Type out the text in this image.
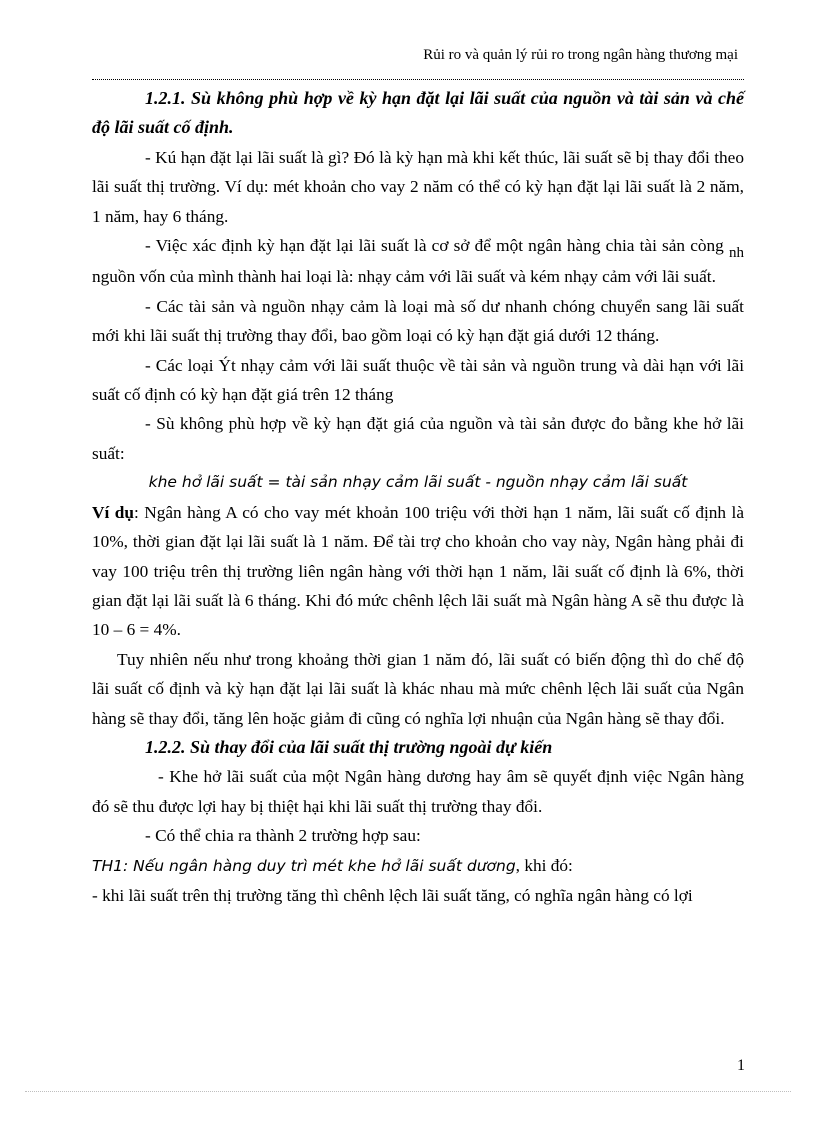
Rủi ro và quản lý rủi ro trong ngân hàng thương mại

1.2.1. Sù không phù hợp về kỳ hạn đặt lại lãi suất của nguồn và tài sản và chế độ lãi suất cố định.

- Kú hạn đặt lại lãi suất là gì? Đó là kỳ hạn mà khi kết thúc, lãi suất sẽ bị thay đổi theo lãi suất thị trường. Ví dụ: mét khoản cho vay 2 năm có thể có kỳ hạn đặt lại lãi suất là 2 năm, 1 năm, hay 6 tháng.

- Việc xác định kỳ hạn đặt lại lãi suất là cơ sở để một ngân hàng chia tài sản còng nh nguồn vốn của mình thành hai loại là: nhạy cảm với lãi suất và kém nhạy cảm với lãi suất.

- Các tài sản và nguồn nhạy cảm là loại mà số dư nhanh chóng chuyển sang lãi suất mới khi lãi suất thị trường thay đổi, bao gồm loại có kỳ hạn đặt giá dưới 12 tháng.

- Các loại Ýt nhạy cảm với lãi suất thuộc về tài sản và nguồn trung và dài hạn với lãi suất cố định có kỳ hạn đặt giá trên 12 tháng

- Sù không phù hợp về kỳ hạn đặt giá của nguồn và tài sản được đo bằng khe hở lãi suất:

khe hở lãi suất = tài sản nhạy cảm lãi suất - nguồn nhạy cảm lãi suất

Ví dụ: Ngân hàng A có cho vay mét khoản 100 triệu với thời hạn 1 năm, lãi suất cố định là 10%, thời gian đặt lại lãi suất là 1 năm. Để tài trợ cho khoản cho vay này, Ngân hàng phải đi vay 100 triệu trên thị trường liên ngân hàng với thời hạn 1 năm, lãi suất cố định là 6%, thời gian đặt lại lãi suất là 6 tháng. Khi đó mức chênh lệch lãi suất mà Ngân hàng A sẽ thu được là 10 – 6 = 4%.

Tuy nhiên nếu như trong khoảng thời gian 1 năm đó, lãi suất có biến động thì do chế độ lãi suất cố định và kỳ hạn đặt lại lãi suất là khác nhau mà mức chênh lệch lãi suất của Ngân hàng sẽ thay đổi, tăng lên hoặc giảm đi cũng có nghĩa lợi nhuận của Ngân hàng sẽ thay đổi.

1.2.2. Sù thay đổi của lãi suất thị trường ngoài dự kiến

- Khe hở lãi suất của một Ngân hàng dương hay âm sẽ quyết định việc Ngân hàng đó sẽ thu được lợi hay bị thiệt hại khi lãi suất thị trường thay đổi.

- Có thể chia ra thành 2 trường hợp sau:

TH1: Nếu ngân hàng duy trì mét khe hở lãi suất dương, khi đó:

- khi lãi suất trên thị trường tăng thì chênh lệch lãi suất tăng, có nghĩa ngân hàng có lợi

1
